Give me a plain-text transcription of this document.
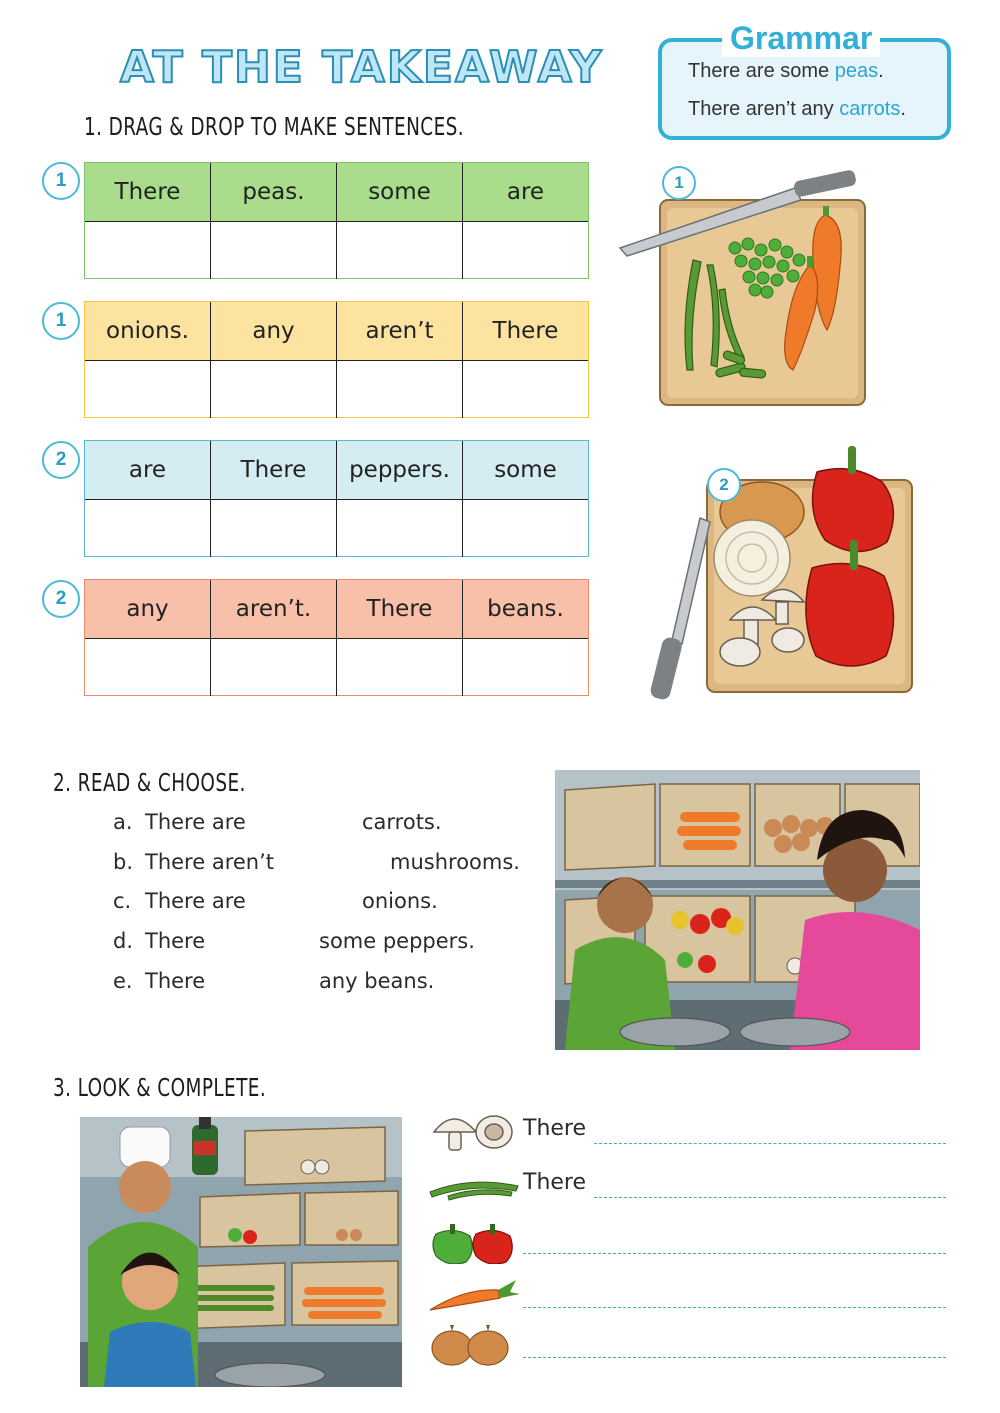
AT THE TAKEAWAY
Grammar
There are some peas.
There aren’t any carrots.
1. DRAG & DROP TO MAKE SENTENCES.
1	There	peas.	some	are
1	onions.	any	aren’t	There
2	are	There	peppers.	some
2	any	aren’t.	There	beans.
1
2
2. READ & CHOOSE.
a. There are	carrots.
b. There aren’t	mushrooms.
c. There are	onions.
d. There	some peppers.
e. There	any beans.
3. LOOK & COMPLETE.
There
There
